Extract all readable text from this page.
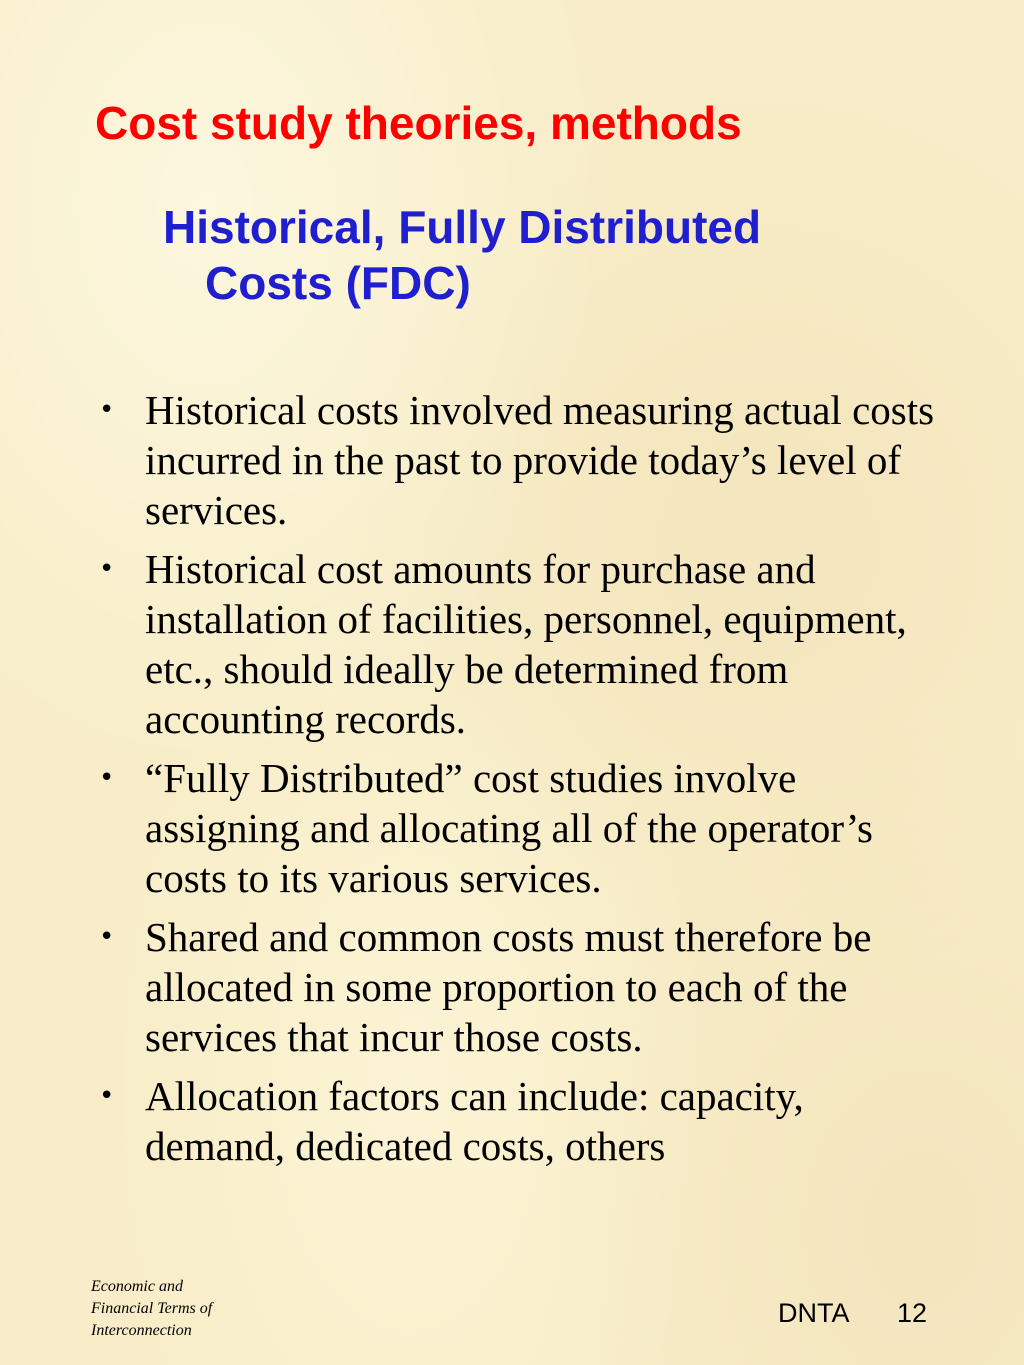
Cost study theories, methods
Historical, Fully Distributed
Costs (FDC)
• Historical costs involved measuring actual costs incurred in the past to provide today’s level of services.
• Historical cost amounts for purchase and installation of facilities, personnel, equipment, etc., should ideally be determined from accounting records.
• “Fully Distributed” cost studies involve assigning and allocating all of the operator’s costs to its various services.
• Shared and common costs must therefore be allocated in some proportion to each of the services that incur those costs.
• Allocation factors can include: capacity, demand, dedicated costs, others
Economic and
Financial Terms of
Interconnection
DNTA 12
